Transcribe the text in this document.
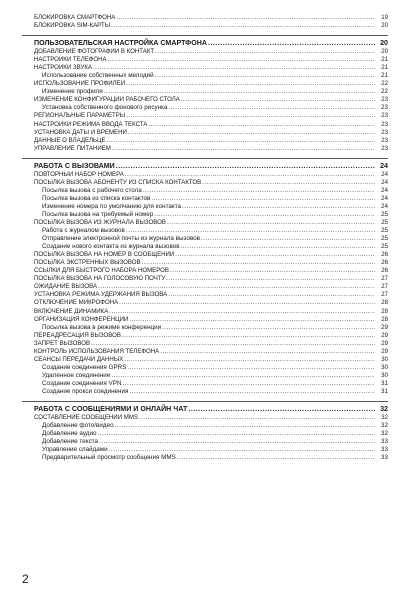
БЛОКИРОВКА СМАРТФОНА .....	19
БЛОКИРОВКА SIM-КАРТЫ .....	20
ПОЛЬЗОВАТЕЛЬСКАЯ НАСТРОЙКА СМАРТФОНА .....	20
ДОБАВЛЕНИЕ ФОТОГРАФИИ В КОНТАКТ .....	20
НАСТРОЙКИ ТЕЛЕФОНА .....	21
НАСТРОЙКИ ЗВУКА .....	21
Использование собственных мелодий .....	21
ИСПОЛЬЗОВАНИЕ ПРОФИЛЕЙ .....	22
Изменение профиля .....	22
ИЗМЕНЕНИЕ КОНФИГУРАЦИИ РАБОЧЕГО СТОЛА .....	23
Установка собственного фонового рисунка .....	23
РЕГИОНАЛЬНЫЕ ПАРАМЕТРЫ .....	23
НАСТРОЙКИ РЕЖИМА ВВОДА ТЕКСТА .....	23
УСТАНОВКА ДАТЫ И ВРЕМЕНИ .....	23
ДАННЫЕ О ВЛАДЕЛЬЦЕ .....	23
УПРАВЛЕНИЕ ПИТАНИЕМ .....	23
РАБОТА С ВЫЗОВАМИ .....	24
ПОВТОРНЫЙ НАБОР НОМЕРА .....	24
ПОСЫЛКА ВЫЗОВА АБОНЕНТУ ИЗ СПИСКА КОНТАКТОВ .....	24
Посылка вызова с рабочего стола .....	24
Посылка вызова из списка контактов .....	24
Изменение номера по умолчанию для контакта .....	24
Посылка вызова на требуемый номер .....	25
ПОСЫЛКА ВЫЗОВА ИЗ ЖУРНАЛА ВЫЗОВОВ .....	25
Работа с журналом вызовов .....	25
Отправление электронной почты из журнала вызовов .....	25
Создание нового контакта из журнала вызовов .....	25
ПОСЫЛКА ВЫЗОВА НА НОМЕР В СООБЩЕНИИ .....	26
ПОСЫЛКА ЭКСТРЕННЫХ ВЫЗОВОВ .....	26
ССЫЛКИ ДЛЯ БЫСТРОГО НАБОРА НОМЕРОВ .....	26
ПОСЫЛКА ВЫЗОВА НА ГОЛОСОВУЮ ПОЧТУ .....	27
ОЖИДАНИЕ ВЫЗОВА .....	27
УСТАНОВКА РЕЖИМА УДЕРЖАНИЯ ВЫЗОВА .....	27
ОТКЛЮЧЕНИЕ МИКРОФОНА .....	28
ВКЛЮЧЕНИЕ ДИНАМИКА .....	28
ОРГАНИЗАЦИЯ КОНФЕРЕНЦИИ .....	28
Посылка вызова в режиме конференции .....	29
ПЕРЕАДРЕСАЦИЯ ВЫЗОВОВ .....	29
ЗАПРЕТ ВЫЗОВОВ .....	29
КОНТРОЛЬ ИСПОЛЬЗОВАНИЯ ТЕЛЕФОНА .....	29
СЕАНСЫ ПЕРЕДАЧИ ДАННЫХ .....	30
Создание соединения GPRS .....	30
Удаленное соединение .....	30
Создание соединения VPN .....	31
Создание прокси соединения .....	31
РАБОТА С СООБЩЕНИЯМИ И ОНЛАЙН ЧАТ .....	32
СОСТАВЛЕНИЕ СООБЩЕНИЙ MMS .....	32
Добавление фото/видео .....	32
Добавление аудио .....	32
Добавление текста .....	33
Управление слайдами .....	33
Предварительный просмотр сообщения MMS .....	33
2
